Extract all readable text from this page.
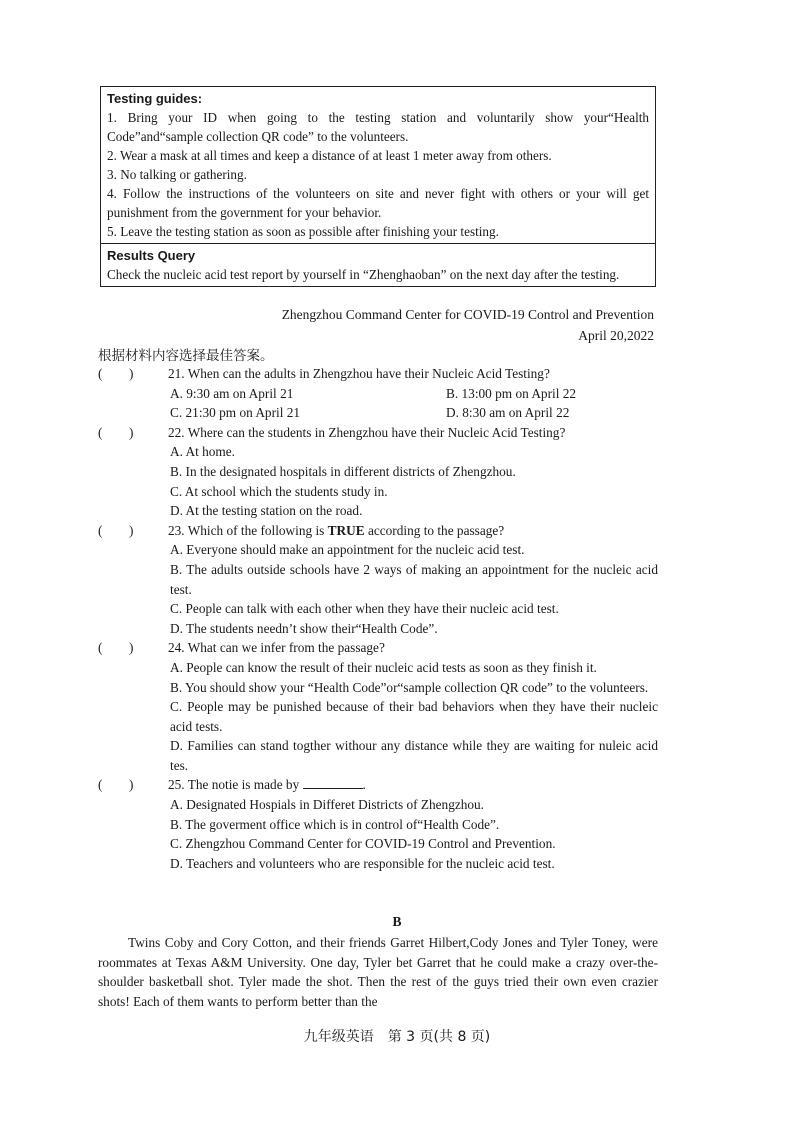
Testing guides:
1. Bring your ID when going to the testing station and voluntarily show your“Health Code”and“sample collection QR code” to the volunteers.
2. Wear a mask at all times and keep a distance of at least 1 meter away from others.
3. No talking or gathering.
4. Follow the instructions of the volunteers on site and never fight with others or your will get punishment from the government for your behavior.
5. Leave the testing station as soon as possible after finishing your testing.
Results Query
Check the nucleic acid test report by yourself in “Zhenghaoban” on the next day after the testing.
Zhengzhou Command Center for COVID-19 Control and Prevention
April 20,2022
根据材料内容选择最佳答案。
(        )	21. When can the adults in Zhengzhou have their Nucleic Acid Testing?
A. 9:30 am on April 21	B. 13:00 pm on April 22
C. 21:30 pm on April 21	D. 8:30 am on April 22
(        )	22. Where can the students in Zhengzhou have their Nucleic Acid Testing?
A. At home.
B. In the designated hospitals in different districts of Zhengzhou.
C. At school which the students study in.
D. At the testing station on the road.
(        )	23. Which of the following is TRUE according to the passage?
A. Everyone should make an appointment for the nucleic acid test.
B. The adults outside schools have 2 ways of making an appointment for the nucleic acid test.
C. People can talk with each other when they have their nucleic acid test.
D. The students needn’t show their“Health Code”.
(        )	24. What can we infer from the passage?
A. People can know the result of their nucleic acid tests as soon as they finish it.
B. You should show your “Health Code”or“sample collection QR code” to the volunteers.
C. People may be punished because of their bad behaviors when they have their nucleic acid tests.
D. Families can stand togther withour any distance while they are waiting for nuleic acid tes.
(        )	25. The notie is made by	.
A. Designated Hospials in Differet Districts of Zhengzhou.
B. The goverment office which is in control of“Health Code”.
C. Zhengzhou Command Center for COVID-19 Control and Prevention.
D. Teachers and volunteers who are responsible for the nucleic acid test.
B
Twins Coby and Cory Cotton, and their friends Garret Hilbert,Cody Jones and Tyler Toney, were roommates at Texas A&M University. One day, Tyler bet Garret that he could make a crazy over-the-shoulder basketball shot. Tyler made the shot. Then the rest of the guys tried their own even crazier shots! Each of them wants to perform better than the
九年级英语　第 3 页(共 8 页)
